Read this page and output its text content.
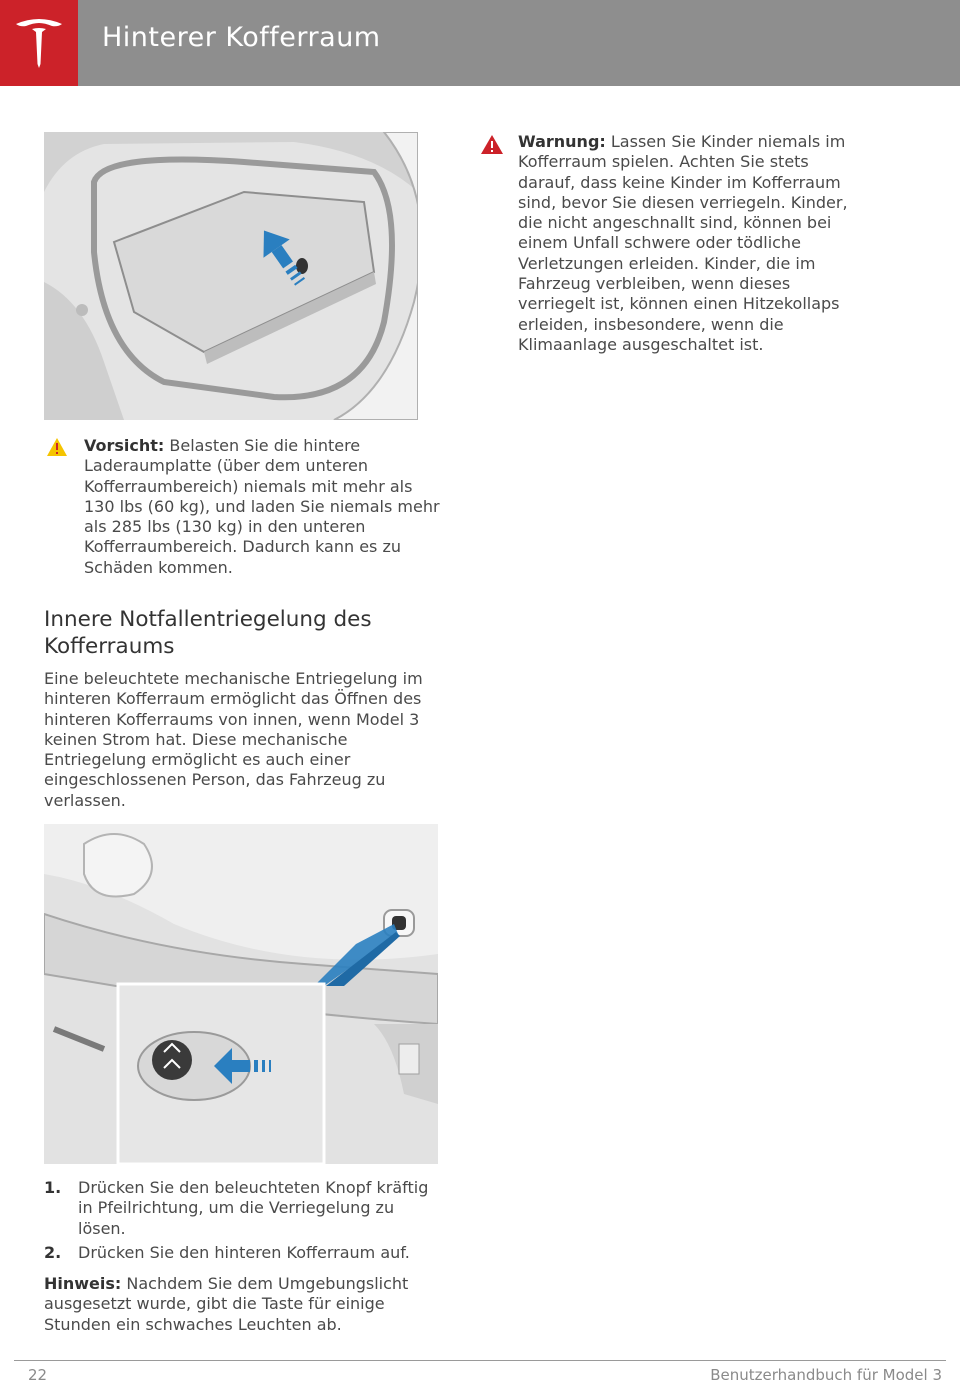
Hinterer Kofferraum
Vorsicht: Belasten Sie die hintere Laderaumplatte (über dem unteren Kofferraumbereich) niemals mit mehr als 130 lbs (60 kg), und laden Sie niemals mehr als 285 lbs (130 kg) in den unteren Kofferraumbereich. Dadurch kann es zu Schäden kommen.
Innere Notfallentriegelung des Kofferraums
Eine beleuchtete mechanische Entriegelung im hinteren Kofferraum ermöglicht das Öffnen des hinteren Kofferraums von innen, wenn Model 3 keinen Strom hat. Diese mechanische Entriegelung ermöglicht es auch einer eingeschlossenen Person, das Fahrzeug zu verlassen.
1. Drücken Sie den beleuchteten Knopf kräftig in Pfeilrichtung, um die Verriegelung zu lösen.
2. Drücken Sie den hinteren Kofferraum auf.
Hinweis: Nachdem Sie dem Umgebungslicht ausgesetzt wurde, gibt die Taste für einige Stunden ein schwaches Leuchten ab.
Warnung: Lassen Sie Kinder niemals im Kofferraum spielen. Achten Sie stets darauf, dass keine Kinder im Kofferraum sind, bevor Sie diesen verriegeln. Kinder, die nicht angeschnallt sind, können bei einem Unfall schwere oder tödliche Verletzungen erleiden. Kinder, die im Fahrzeug verbleiben, wenn dieses verriegelt ist, können einen Hitzekollaps erleiden, insbesondere, wenn die Klimaanlage ausgeschaltet ist.
22	Benutzerhandbuch für Model 3
